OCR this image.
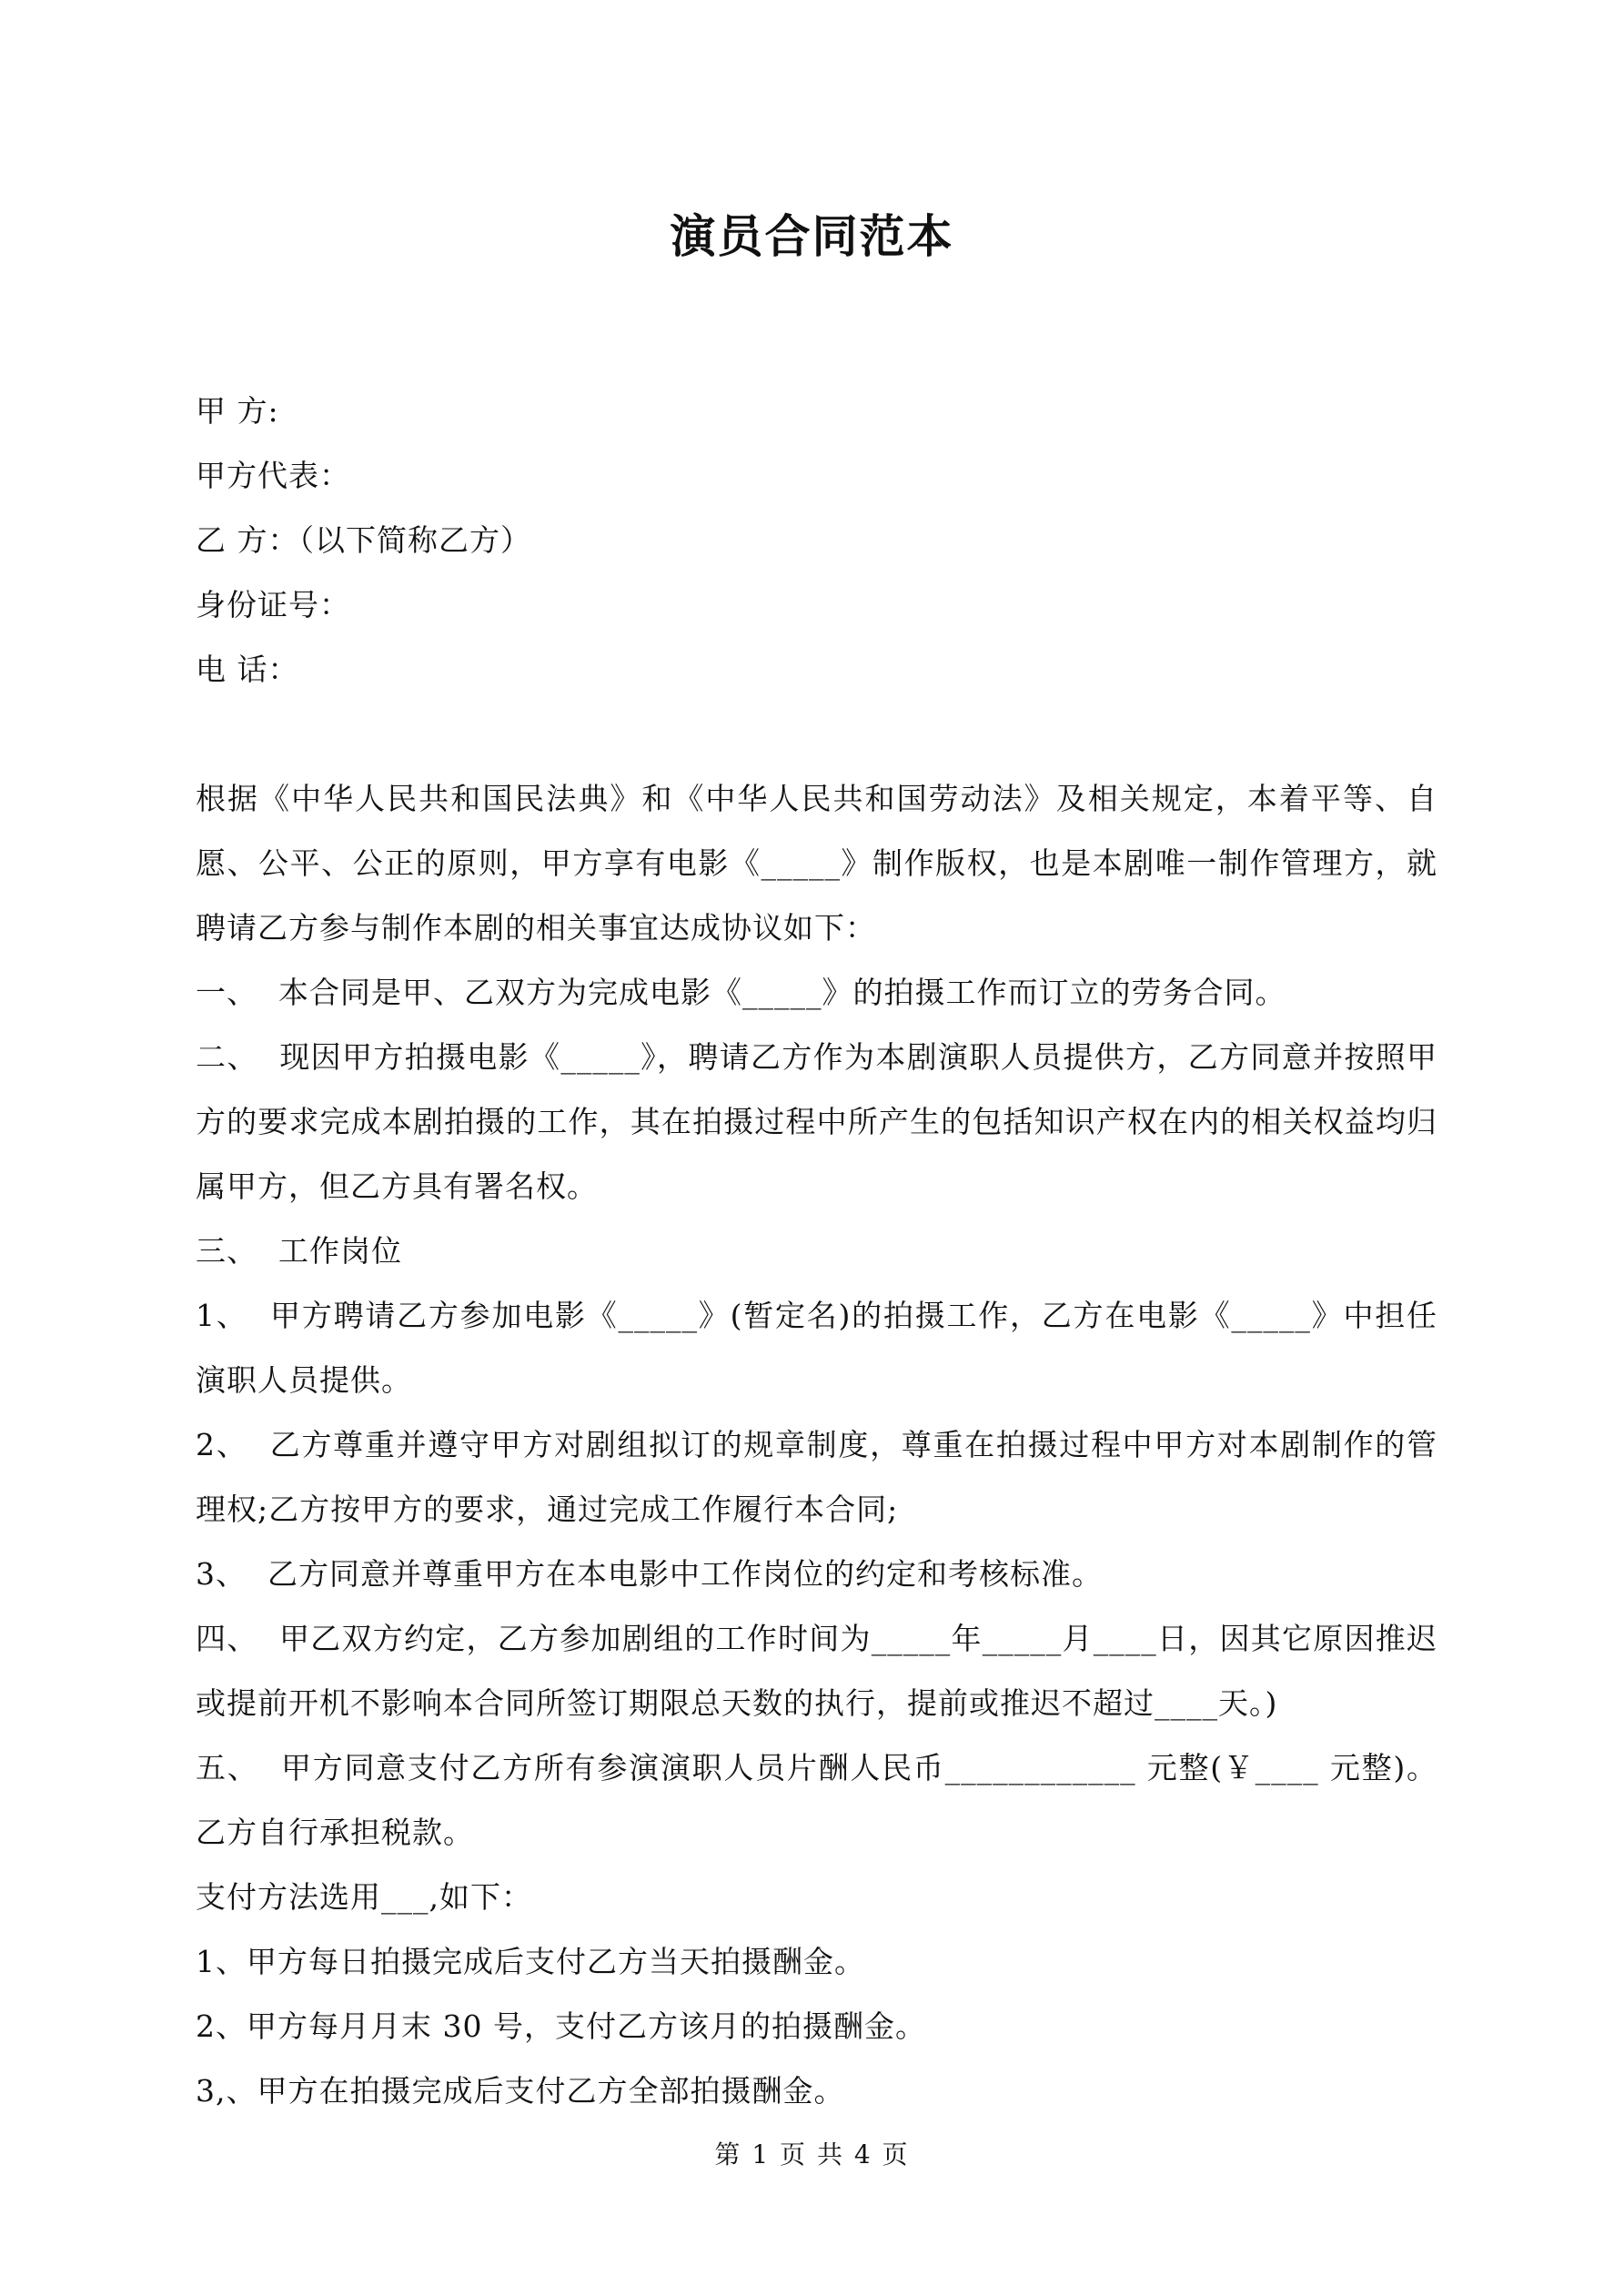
演员合同范本

甲 方:

甲方代表：

乙 方：（以下简称乙方）

身份证号：

电 话：

根据《中华人民共和国民法典》和《中华人民共和国劳动法》及相关规定，本着平等、自愿、公平、公正的原则，甲方享有电影《_____》制作版权，也是本剧唯一制作管理方，就聘请乙方参与制作本剧的相关事宜达成协议如下：

一、  本合同是甲、乙双方为完成电影《_____》的拍摄工作而订立的劳务合同。

二、  现因甲方拍摄电影《_____》，聘请乙方作为本剧演职人员提供方，乙方同意并按照甲方的要求完成本剧拍摄的工作，其在拍摄过程中所产生的包括知识产权在内的相关权益均归属甲方，但乙方具有署名权。

三、  工作岗位

1、  甲方聘请乙方参加电影《_____》(暂定名)的拍摄工作，乙方在电影《_____》中担任演职人员提供。

2、  乙方尊重并遵守甲方对剧组拟订的规章制度，尊重在拍摄过程中甲方对本剧制作的管理权;乙方按甲方的要求，通过完成工作履行本合同;

3、  乙方同意并尊重甲方在本电影中工作岗位的约定和考核标准。

四、  甲乙双方约定，乙方参加剧组的工作时间为_____年_____月____日，因其它原因推迟或提前开机不影响本合同所签订期限总天数的执行，提前或推迟不超过____天。)

五、  甲方同意支付乙方所有参演演职人员片酬人民币____________ 元整(￥____ 元整)。乙方自行承担税款。

支付方法选用___,如下：

1、甲方每日拍摄完成后支付乙方当天拍摄酬金。

2、甲方每月月末 30 号，支付乙方该月的拍摄酬金。

3,、甲方在拍摄完成后支付乙方全部拍摄酬金。

第 1 页 共 4 页
